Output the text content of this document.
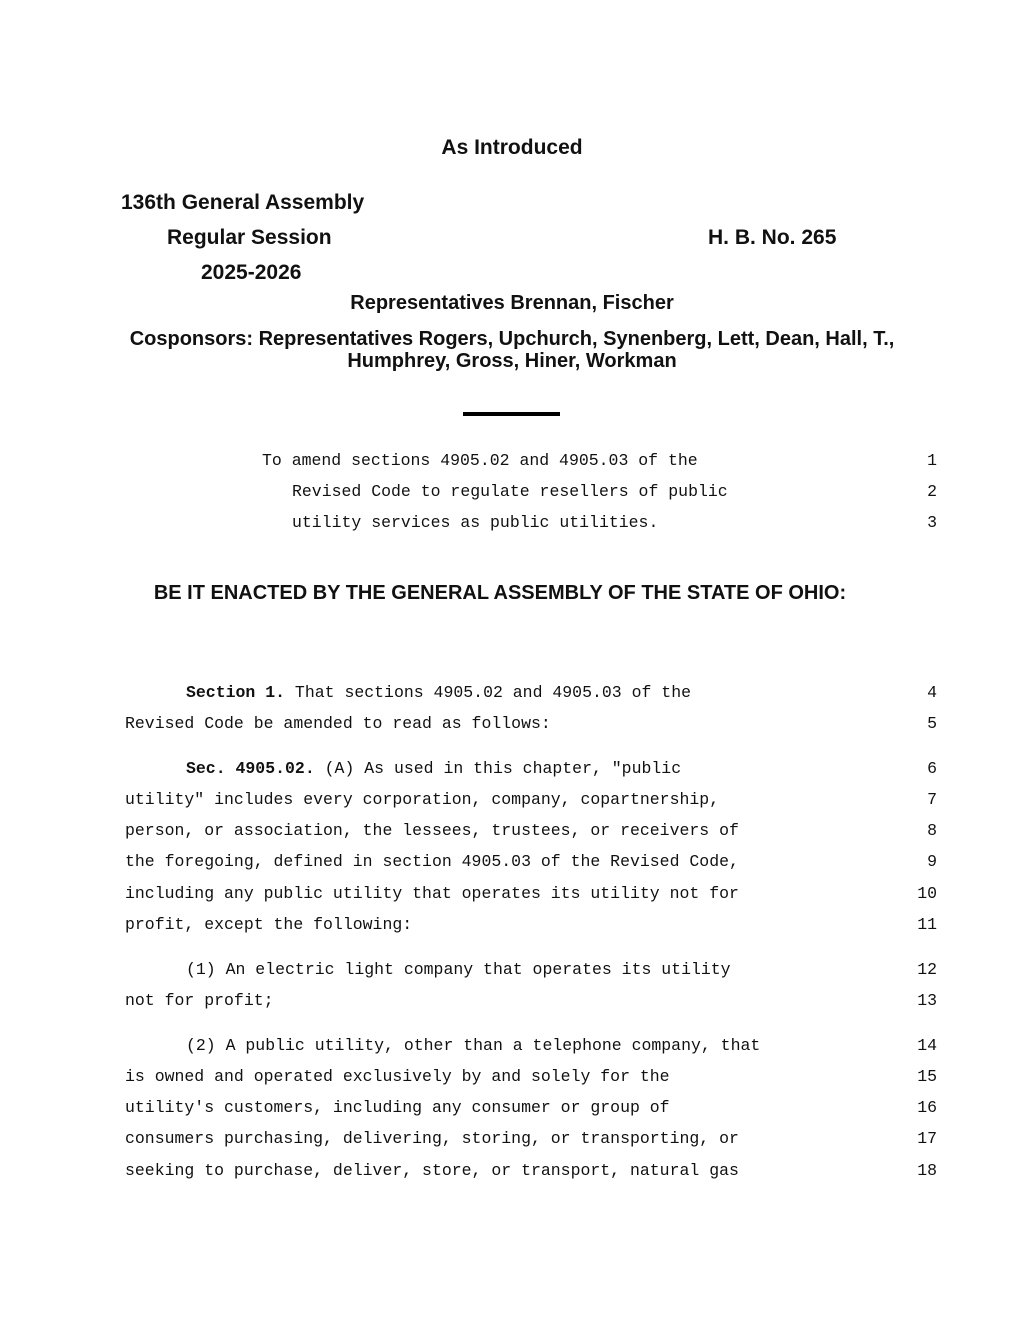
As Introduced
136th General Assembly
Regular Session	H. B. No. 265
2025-2026
Representatives Brennan, Fischer
Cosponsors: Representatives Rogers, Upchurch, Synenberg, Lett, Dean, Hall, T.,
Humphrey, Gross, Hiner, Workman
To amend sections 4905.02 and 4905.03 of the	1
Revised Code to regulate resellers of public	2
utility services as public utilities.	3
BE IT ENACTED BY THE GENERAL ASSEMBLY OF THE STATE OF OHIO:
Section 1. That sections 4905.02 and 4905.03 of the	4
Revised Code be amended to read as follows:	5
Sec. 4905.02. (A) As used in this chapter, "public	6
utility" includes every corporation, company, copartnership,	7
person, or association, the lessees, trustees, or receivers of	8
the foregoing, defined in section 4905.03 of the Revised Code,	9
including any public utility that operates its utility not for	10
profit, except the following:	11
(1) An electric light company that operates its utility	12
not for profit;	13
(2) A public utility, other than a telephone company, that	14
is owned and operated exclusively by and solely for the	15
utility's customers, including any consumer or group of	16
consumers purchasing, delivering, storing, or transporting, or	17
seeking to purchase, deliver, store, or transport, natural gas	18
